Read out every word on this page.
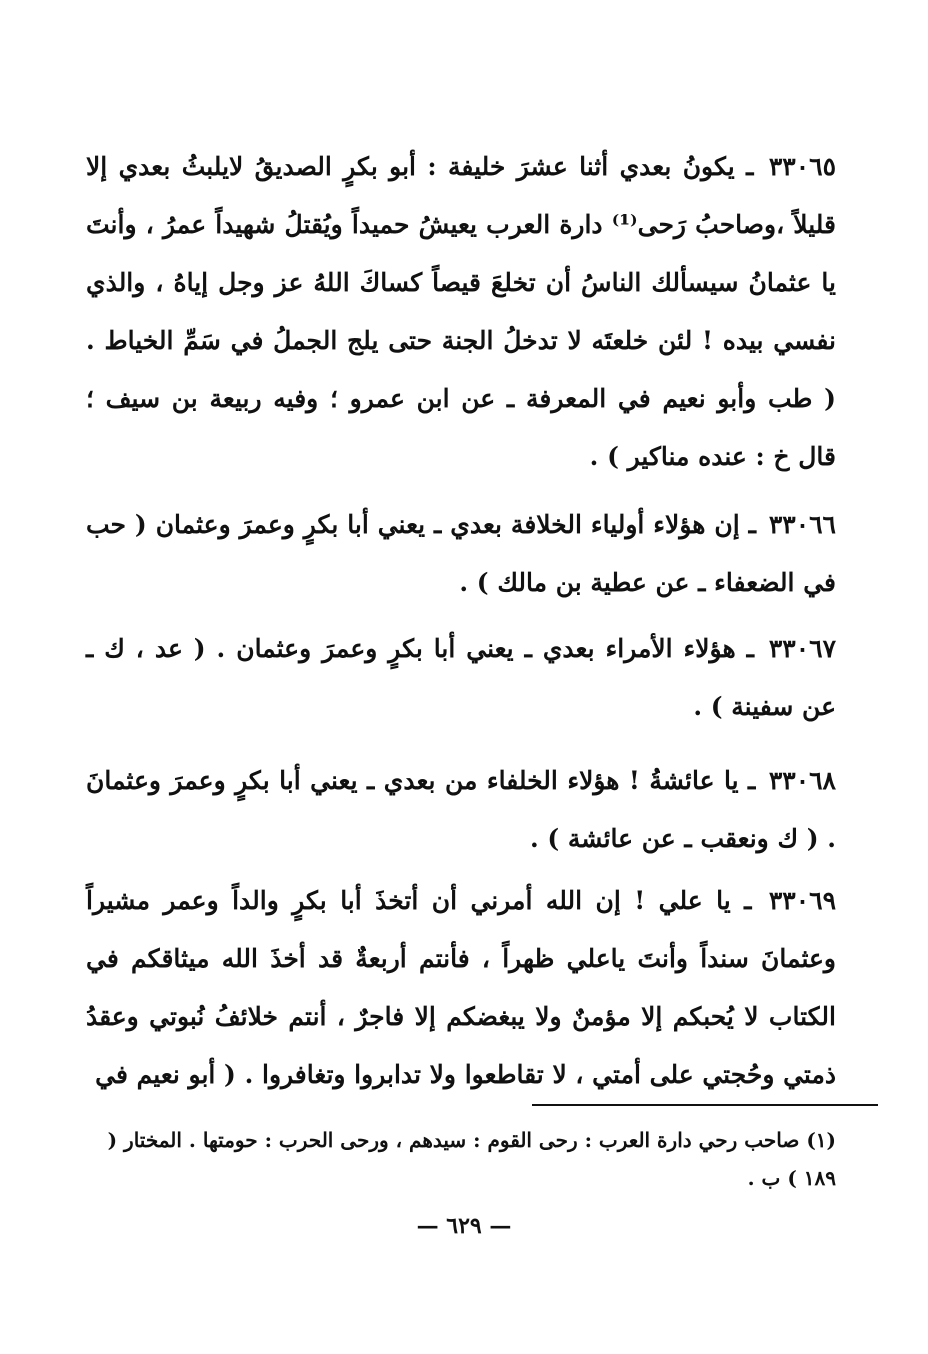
٣٣٠٦٥ ـ يكونُ بعدي أثنا عشرَ خليفة : أبو بكرٍ الصديقُ لايلبثُ بعدي إلا قليلاً ،وصاحبُ رَحى⁽¹⁾ دارة العرب يعيشُ حميداً ويُقتلُ شهيداً عمرُ ، وأنتَ يا عثمانُ سيسألك الناسُ أن تخلعَ قيصاً كساكَ اللهُ عز وجل إياهُ ، والذي نفسي بيده ! لئن خلعتَه لا تدخلُ الجنة حتى يلج الجملُ في سَمِّ الخياط . ( طب وأبو نعيم في المعرفة ـ عن ابن عمرو ؛ وفيه ربيعة بن سيف ؛ قال خ : عنده مناكير ) .
٣٣٠٦٦ ـ إن هؤلاء أولياء الخلافة بعدي ـ يعني أبا بكرٍ وعمرَ وعثمان ( حب في الضعفاء ـ عن عطية بن مالك ) .
٣٣٠٦٧ ـ هؤلاء الأمراء بعدي ـ يعني أبا بكرٍ وعمرَ وعثمان . ( عد ، ك ـ عن سفينة ) .
٣٣٠٦٨ ـ يا عائشةُ ! هؤلاء الخلفاء من بعدي ـ يعني أبا بكرٍ وعمرَ وعثمانَ . ( ك ونعقب ـ عن عائشة ) .
٣٣٠٦٩ ـ يا علي ! إن الله أمرني أن أتخذَ أبا بكرٍ والداً وعمر مشيراً وعثمانَ سنداً وأنتَ ياعلي ظهراً ، فأنتم أربعةٌ قد أخذَ الله ميثاقكم في الكتاب لا يُحبكم إلا مؤمنٌ ولا يبغضكم إلا فاجرٌ ، أنتم خلائفُ نُبوتي وعقدُ ذمتي وحُجتي على أمتي ، لا تقاطعوا ولا تدابروا وتغافروا . ( أبو نعيم في
(١) صاحب رحي دارة العرب : رحى القوم : سيدهم ، ورحى الحرب : حومتها . المختار ( ١٨٩ ) ب .
— ٦٢٩ —
